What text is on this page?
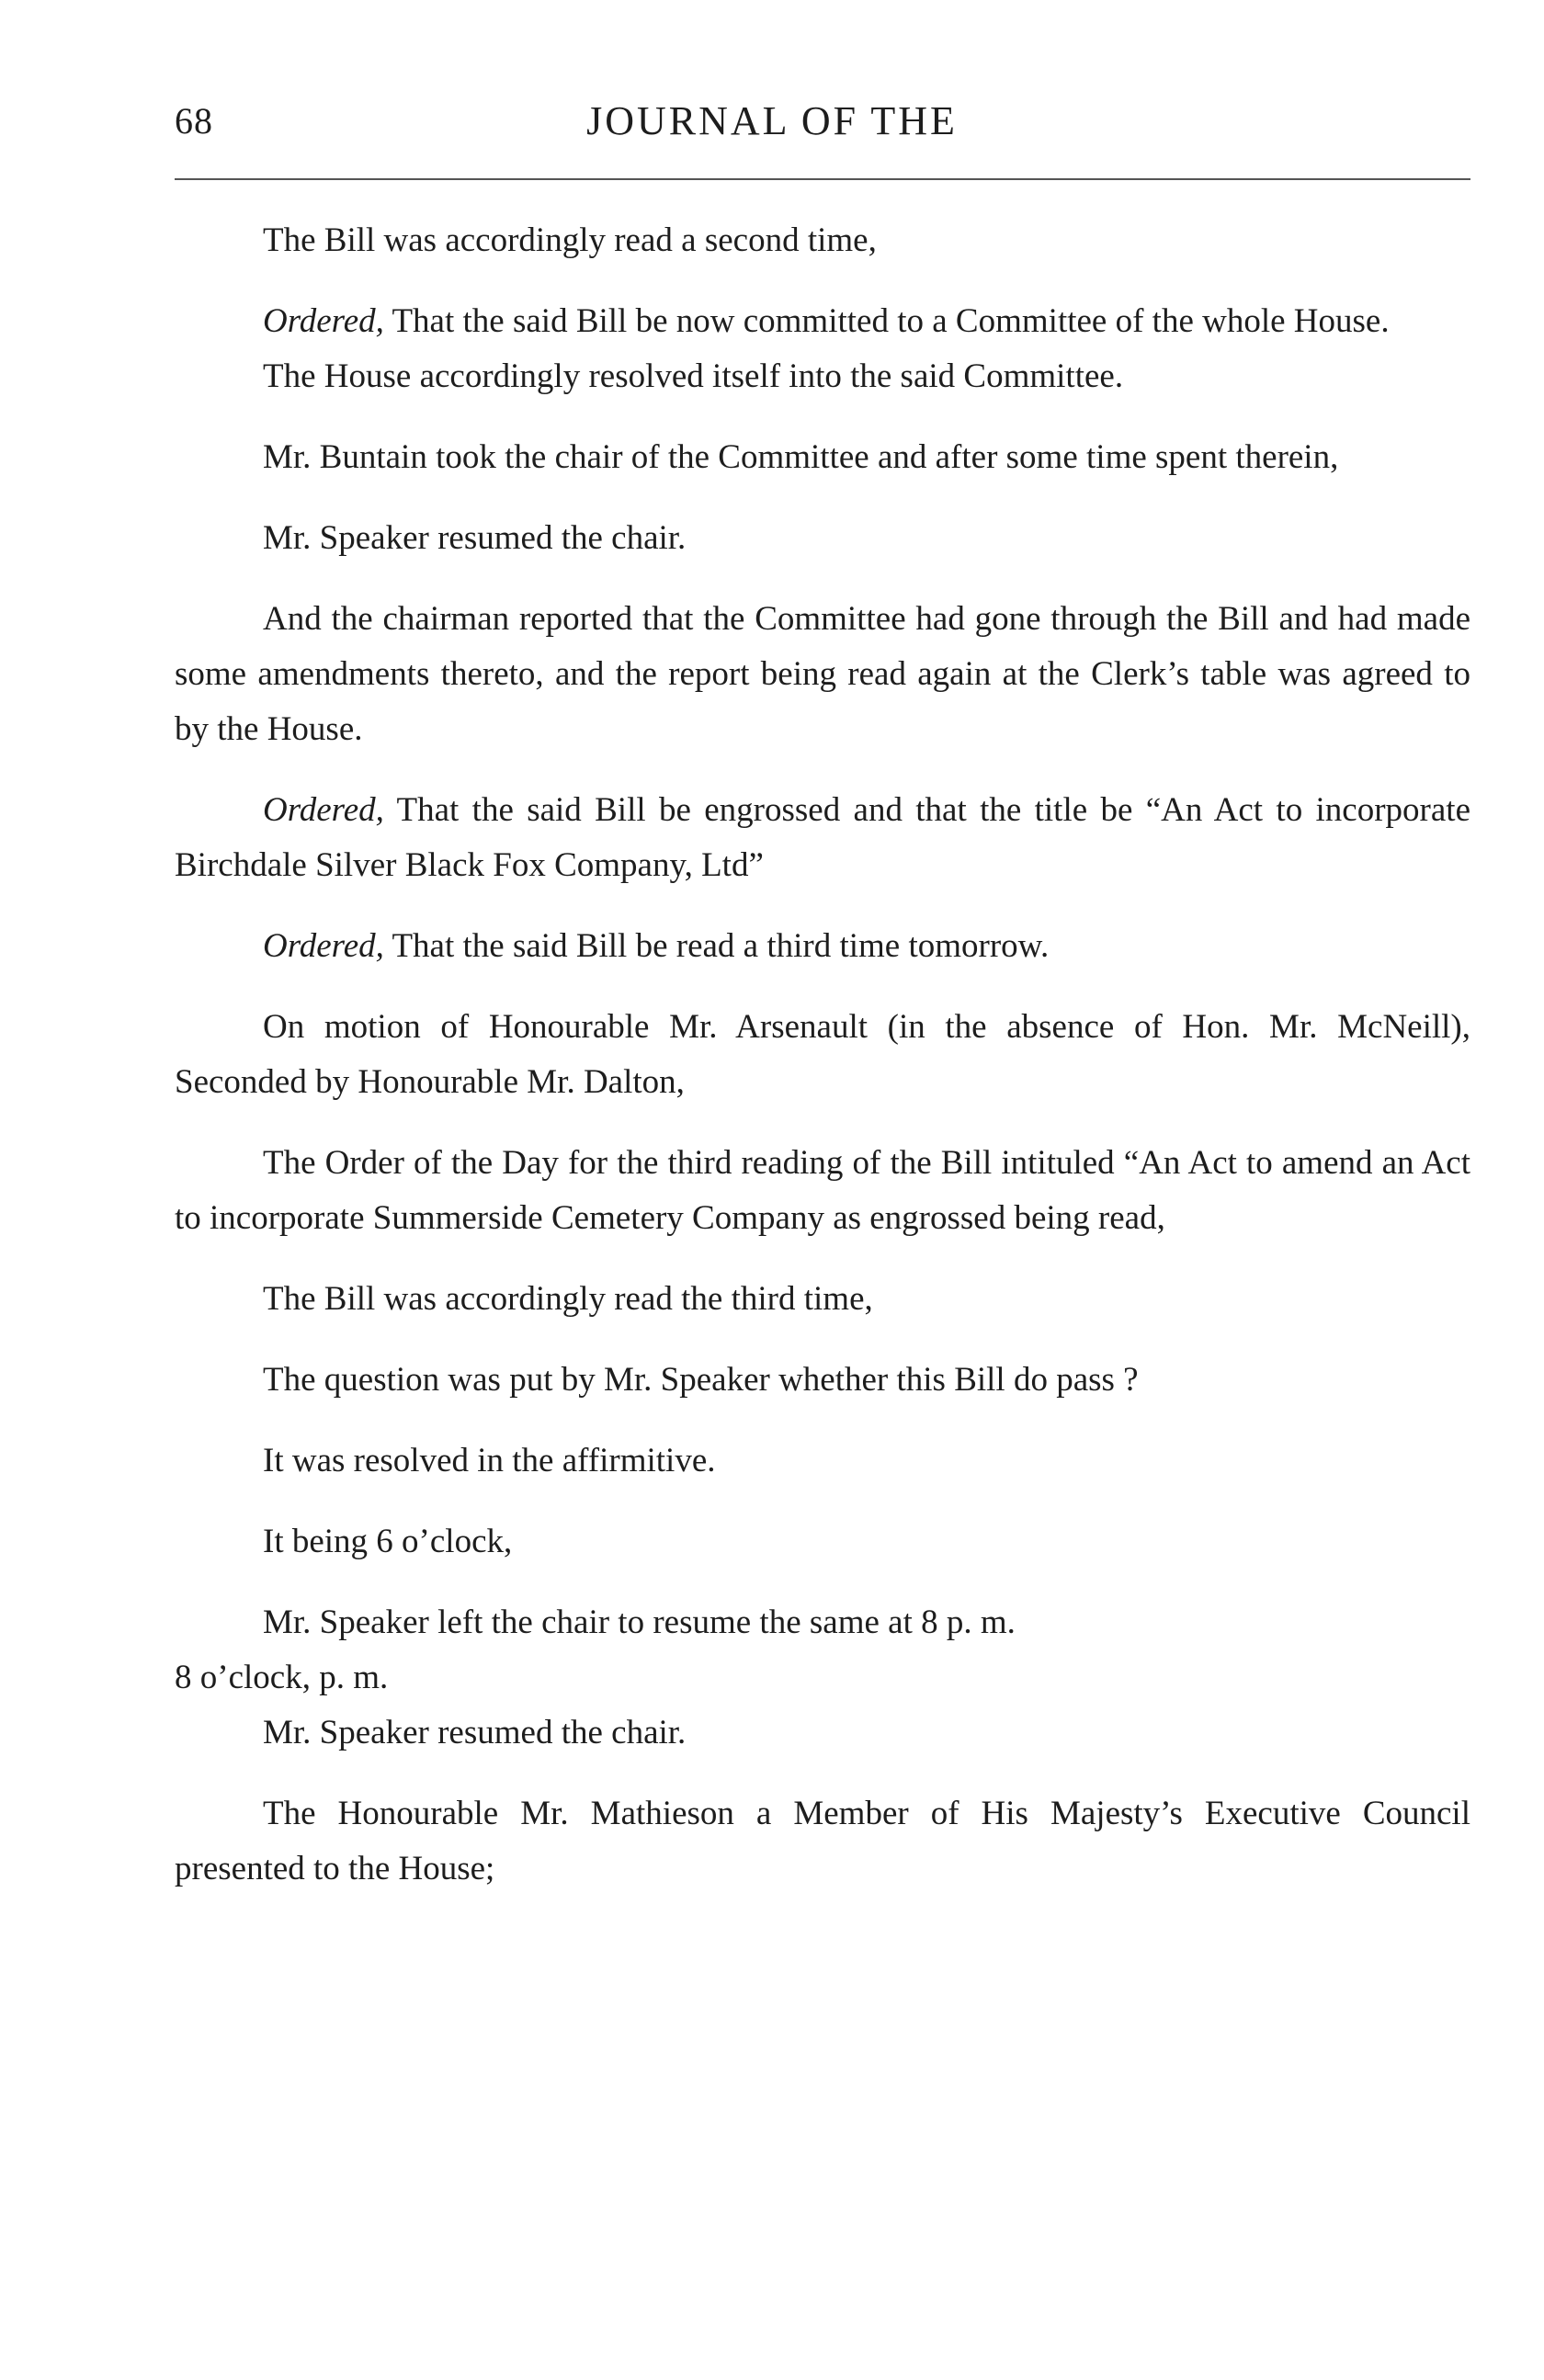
68	JOURNAL OF THE

The Bill was accordingly read a second time,

Ordered, That the said Bill be now committed to a Committee of the whole House.

The House accordingly resolved itself into the said Committee.

Mr. Buntain took the chair of the Committee and after some time spent therein,

Mr. Speaker resumed the chair.

And the chairman reported that the Committee had gone through the Bill and had made some amendments thereto, and the report being read again at the Clerk’s table was agreed to by the House.

Ordered, That the said Bill be engrossed and that the title be “An Act to incorporate Birchdale Silver Black Fox Company, Ltd”

Ordered, That the said Bill be read a third time tomorrow.

On motion of Honourable Mr. Arsenault (in the absence of Hon. Mr. McNeill), Seconded by Honourable Mr. Dalton,

The Order of the Day for the third reading of the Bill intituled “An Act to amend an Act to incorporate Summerside Cemetery Company as engrossed being read,

The Bill was accordingly read the third time,

The question was put by Mr. Speaker whether this Bill do pass ?

It was resolved in the affirmitive.

It being 6 o’clock,

Mr. Speaker left the chair to resume the same at 8 p. m.

8 o’clock, p. m.

Mr. Speaker resumed the chair.

The Honourable Mr. Mathieson a Member of His Majesty’s Executive Council presented to the House;
